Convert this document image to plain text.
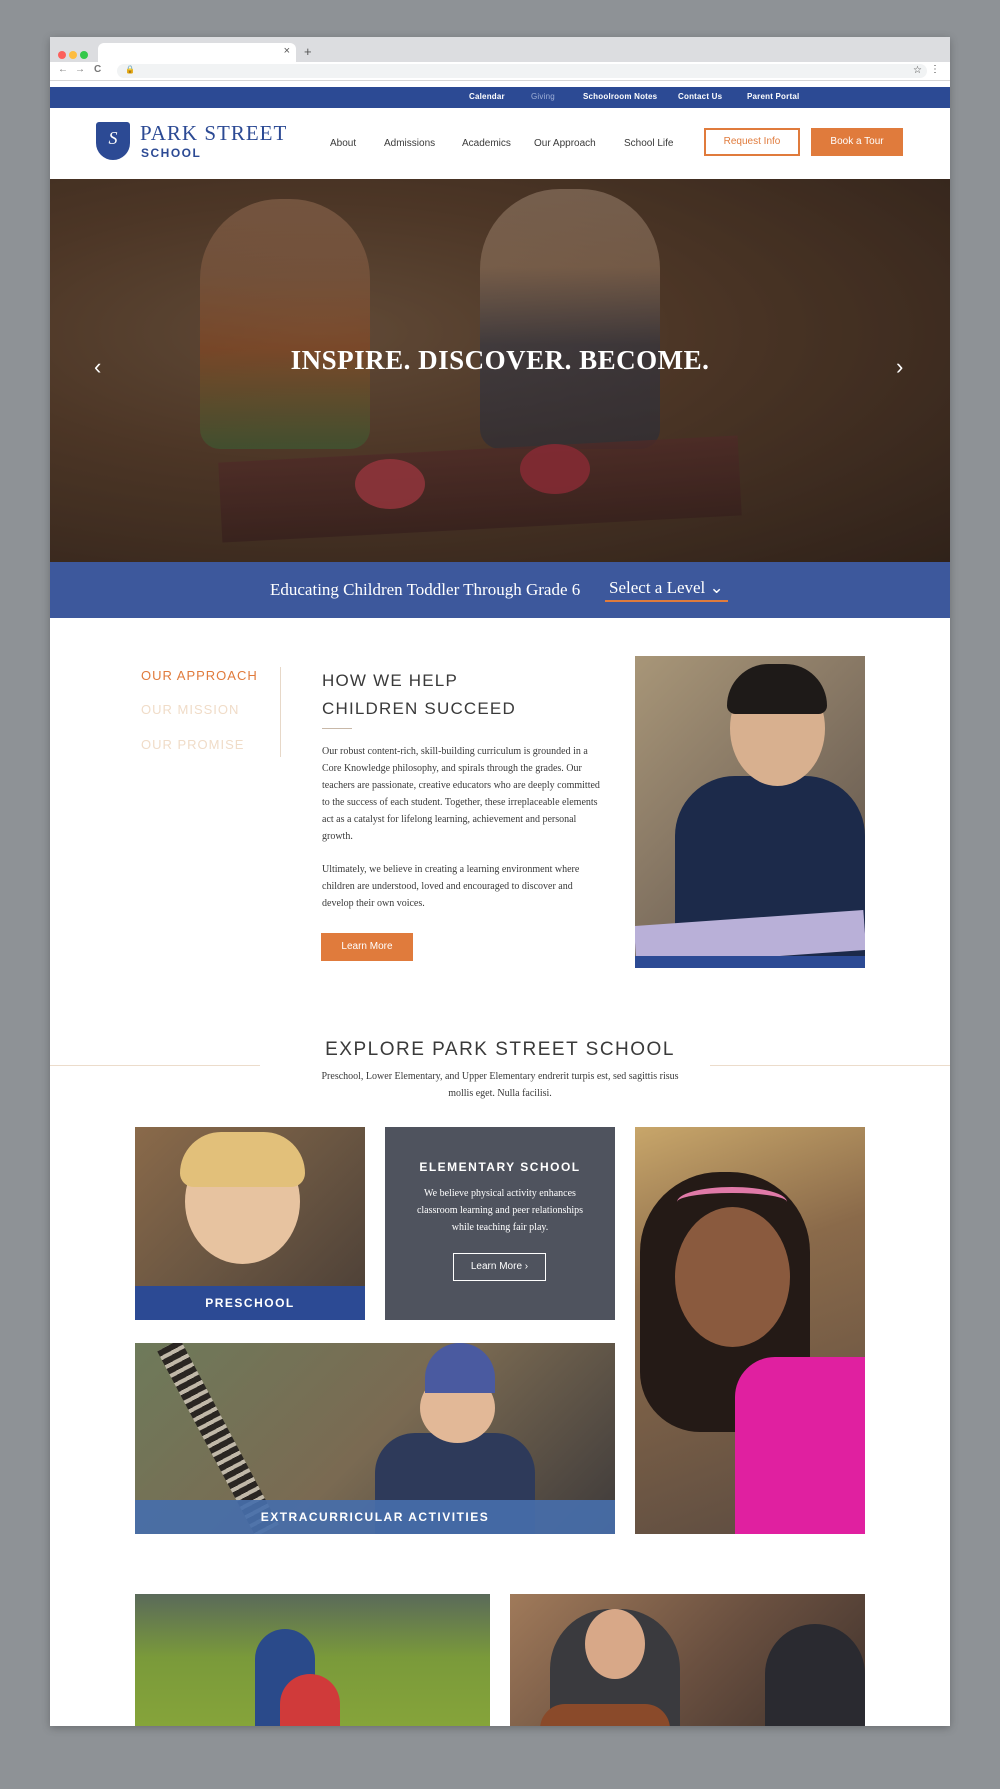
× +
← → C	🔒	☆ ⋮
Calendar	Giving	Schoolroom Notes	Contact Us	Parent Portal
S
PARK STREET
SCHOOL
About	Admissions	Academics Our Approach	School Life	Request Info	Book a Tour
INSPIRE. DISCOVER. BECOME.
‹	›
Educating Children Toddler Through Grade 6 Select a Level ⌄
OUR APPROACH
OUR MISSION
OUR PROMISE
HOW WE HELP
CHILDREN SUCCEED

Our robust content-rich, skill-building curriculum is grounded in a Core Knowledge philosophy, and spirals through the grades. Our teachers are passionate, creative educators who are deeply committed to the success of each student. Together, these irreplaceable elements act as a catalyst for lifelong learning, achievement and personal growth.

Ultimately, we believe in creating a learning environment where children are understood, loved and encouraged to discover and develop their own voices.

Learn More
EXPLORE PARK STREET SCHOOL

Preschool, Lower Elementary, and Upper Elementary endrerit turpis est, sed sagittis risus mollis eget. Nulla facilisi.

PRESCHOOL
ELEMENTARY SCHOOL

We believe physical activity enhances classroom learning and peer relationships while teaching fair play.

Learn More ›
EXTRACURRICULAR ACTIVITIES
